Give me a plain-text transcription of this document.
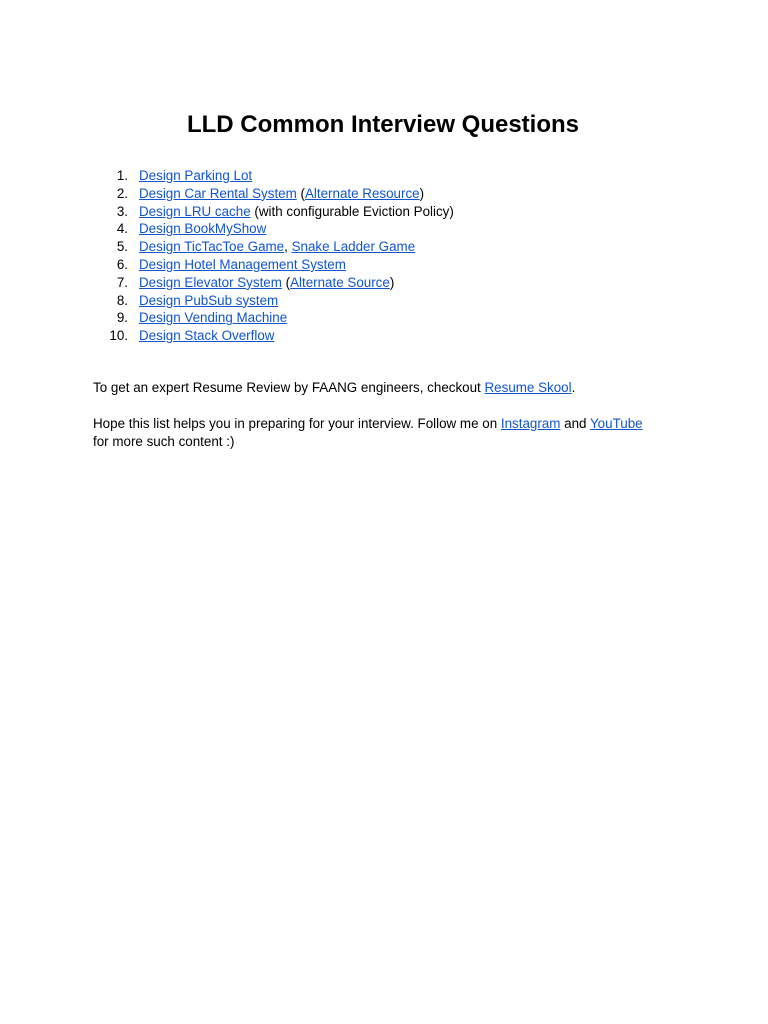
LLD Common Interview Questions
1. Design Parking Lot
2. Design Car Rental System (Alternate Resource)
3. Design LRU cache (with configurable Eviction Policy)
4. Design BookMyShow
5. Design TicTacToe Game, Snake Ladder Game
6. Design Hotel Management System
7. Design Elevator System (Alternate Source)
8. Design PubSub system
9. Design Vending Machine
10. Design Stack Overflow

To get an expert Resume Review by FAANG engineers, checkout Resume Skool.

Hope this list helps you in preparing for your interview. Follow me on Instagram and YouTube for more such content :)
